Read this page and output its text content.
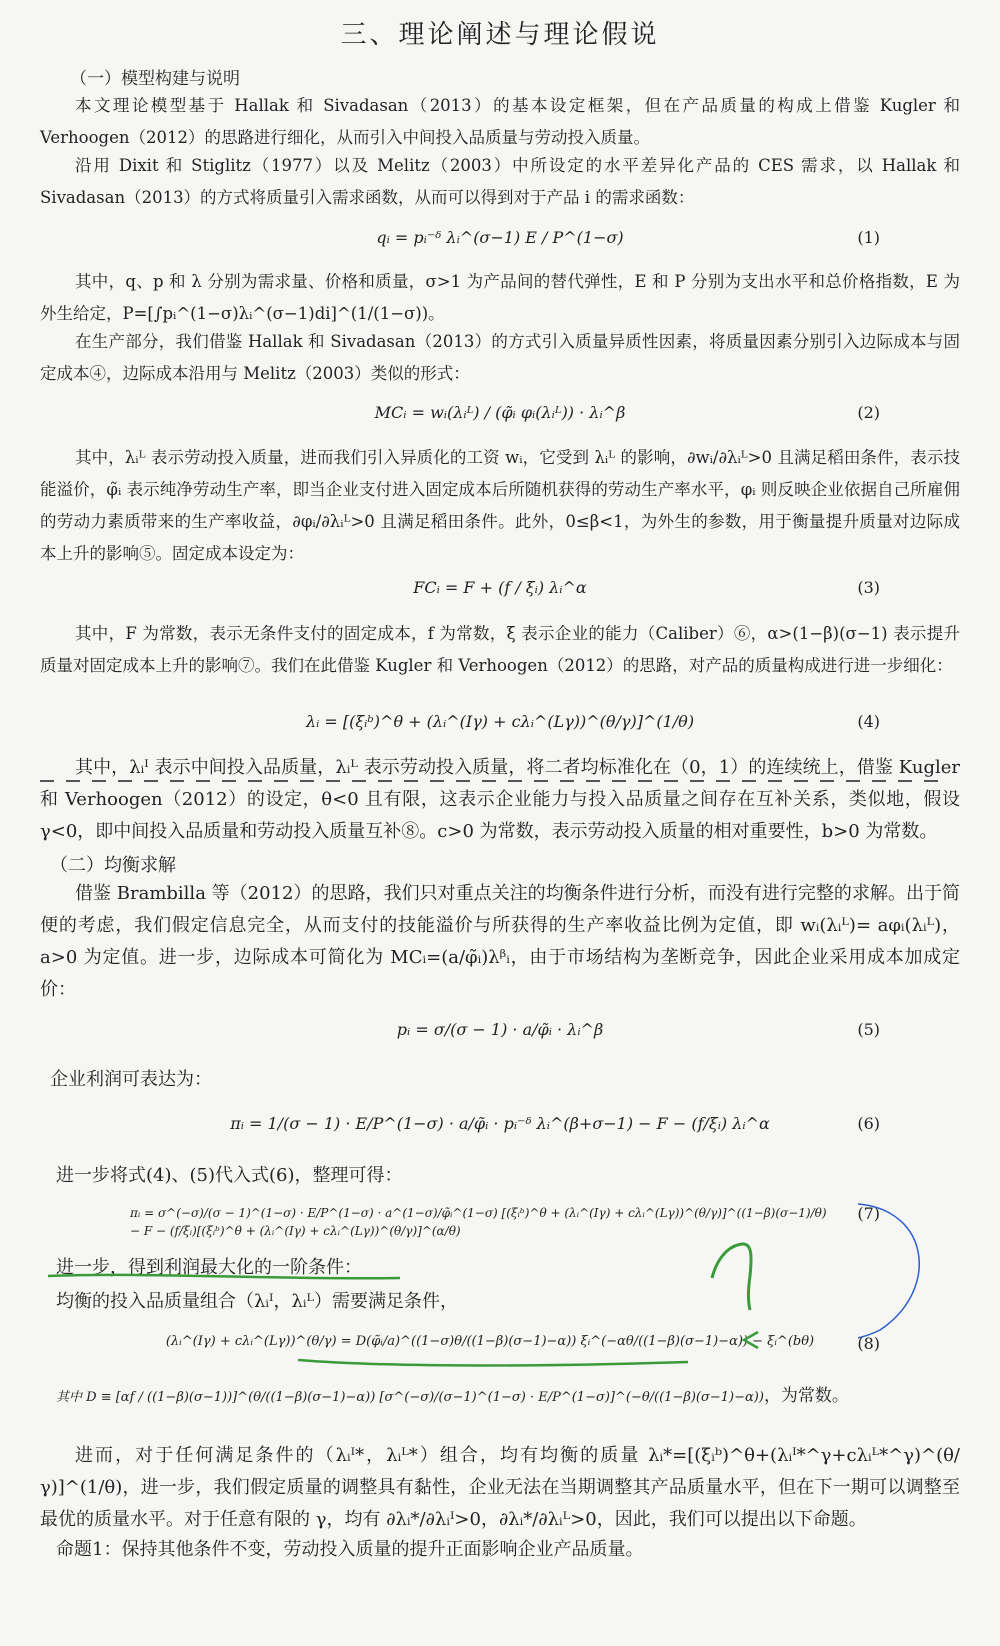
三、理论阐述与理论假说
（一）模型构建与说明
本文理论模型基于 Hallak 和 Sivadasan（2013）的基本设定框架，但在产品质量的构成上借鉴 Kugler 和 Verhoogen（2012）的思路进行细化，从而引入中间投入品质量与劳动投入质量。
沿用 Dixit 和 Stiglitz（1977）以及 Melitz（2003）中所设定的水平差异化产品的 CES 需求，以 Hallak 和 Sivadasan（2013）的方式将质量引入需求函数，从而可以得到对于产品 i 的需求函数：
qᵢ = pᵢ⁻ᵟ λᵢ^(σ−1) E / P^(1−σ)	(1)
其中，q、p 和 λ 分别为需求量、价格和质量，σ>1 为产品间的替代弹性，E 和 P 分别为支出水平和总价格指数，E 为外生给定，P=[∫pᵢ^(1−σ)λᵢ^(σ−1)di]^(1/(1−σ))。
在生产部分，我们借鉴 Hallak 和 Sivadasan（2013）的方式引入质量异质性因素，将质量因素分别引入边际成本与固定成本④，边际成本沿用与 Melitz（2003）类似的形式：
MCᵢ = wᵢ(λᵢᴸ) / (φ̃ᵢ φᵢ(λᵢᴸ)) · λᵢ^β	(2)
其中，λᵢᴸ 表示劳动投入质量，进而我们引入异质化的工资 wᵢ，它受到 λᵢᴸ 的影响，∂wᵢ/∂λᵢᴸ>0 且满足稻田条件，表示技能溢价，φ̃ᵢ 表示纯净劳动生产率，即当企业支付进入固定成本后所随机获得的劳动生产率水平，φᵢ 则反映企业依据自己所雇佣的劳动力素质带来的生产率收益，∂φᵢ/∂λᵢᴸ>0 且满足稻田条件。此外，0≤β<1，为外生的参数，用于衡量提升质量对边际成本上升的影响⑤。固定成本设定为：
FCᵢ = F + (f / ξᵢ) λᵢ^α	(3)
其中，F 为常数，表示无条件支付的固定成本，f 为常数，ξ 表示企业的能力（Caliber）⑥，α>(1−β)(σ−1) 表示提升质量对固定成本上升的影响⑦。我们在此借鉴 Kugler 和 Verhoogen（2012）的思路，对产品的质量构成进行进一步细化：
λᵢ = [(ξᵢᵇ)^θ + (λᵢ^(Iγ) + cλᵢ^(Lγ))^(θ/γ)]^(1/θ)	(4)
其中，λᵢᴵ 表示中间投入品质量，λᵢᴸ 表示劳动投入质量，将二者均标准化在（0，1）的连续统上，借鉴 Kugler 和 Verhoogen（2012）的设定，θ<0 且有限，这表示企业能力与投入品质量之间存在互补关系，类似地，假设 γ<0，即中间投入品质量和劳动投入质量互补⑧。c>0 为常数，表示劳动投入质量的相对重要性，b>0 为常数。
（二）均衡求解
借鉴 Brambilla 等（2012）的思路，我们只对重点关注的均衡条件进行分析，而没有进行完整的求解。出于简便的考虑，我们假定信息完全，从而支付的技能溢价与所获得的生产率收益比例为定值，即 wᵢ(λᵢᴸ)= aφᵢ(λᵢᴸ)，a>0 为定值。进一步，边际成本可简化为 MCᵢ=(a/φ̃ᵢ)λᵝᵢ，由于市场结构为垄断竞争，因此企业采用成本加成定价：
pᵢ = σ/(σ − 1) · a/φ̃ᵢ · λᵢ^β	(5)
企业利润可表达为：
πᵢ = 1/(σ − 1) · E/P^(1−σ) · a/φ̃ᵢ · pᵢ⁻ᵟ λᵢ^(β+σ−1) − F − (f/ξᵢ) λᵢ^α	(6)
进一步将式(4)、(5)代入式(6)，整理可得：
πᵢ = σ^(−σ)/(σ − 1)^(1−σ) · E/P^(1−σ) · a^(1−σ)/φ̃ᵢ^(1−σ) [(ξᵢᵇ)^θ + (λᵢ^(Iγ) + cλᵢ^(Lγ))^(θ/γ)]^((1−β)(σ−1)/θ) − F − (f/ξᵢ)[(ξᵢᵇ)^θ + (λᵢ^(Iγ) + cλᵢ^(Lγ))^(θ/γ)]^(α/θ)
(7)
进一步，得到利润最大化的一阶条件：
均衡的投入品质量组合（λᵢᴵ，λᵢᴸ）需要满足条件，
(λᵢ^(Iγ) + cλᵢ^(Lγ))^(θ/γ) = D(φ̃ᵢ/a)^((1−σ)θ/((1−β)(σ−1)−α)) ξᵢ^(−αθ/((1−β)(σ−1)−α)) − ξᵢ^(bθ)	(8)
其中 D ≡ [αf / ((1−β)(σ−1))]^(θ/((1−β)(σ−1)−α)) [σ^(−σ)/(σ−1)^(1−σ) · E/P^(1−σ)]^(−θ/((1−β)(σ−1)−α))，为常数。
进而，对于任何满足条件的（λᵢᴵ*，λᵢᴸ*）组合，均有均衡的质量 λᵢ*=[(ξᵢᵇ)^θ+(λᵢᴵ*^γ+cλᵢᴸ*^γ)^(θ/γ)]^(1/θ)，进一步，我们假定质量的调整具有黏性，企业无法在当期调整其产品质量水平，但在下一期可以调整至最优的质量水平。对于任意有限的 γ，均有 ∂λᵢ*/∂λᵢᴵ>0，∂λᵢ*/∂λᵢᴸ>0，因此，我们可以提出以下命题。
命题1：保持其他条件不变，劳动投入质量的提升正面影响企业产品质量。
